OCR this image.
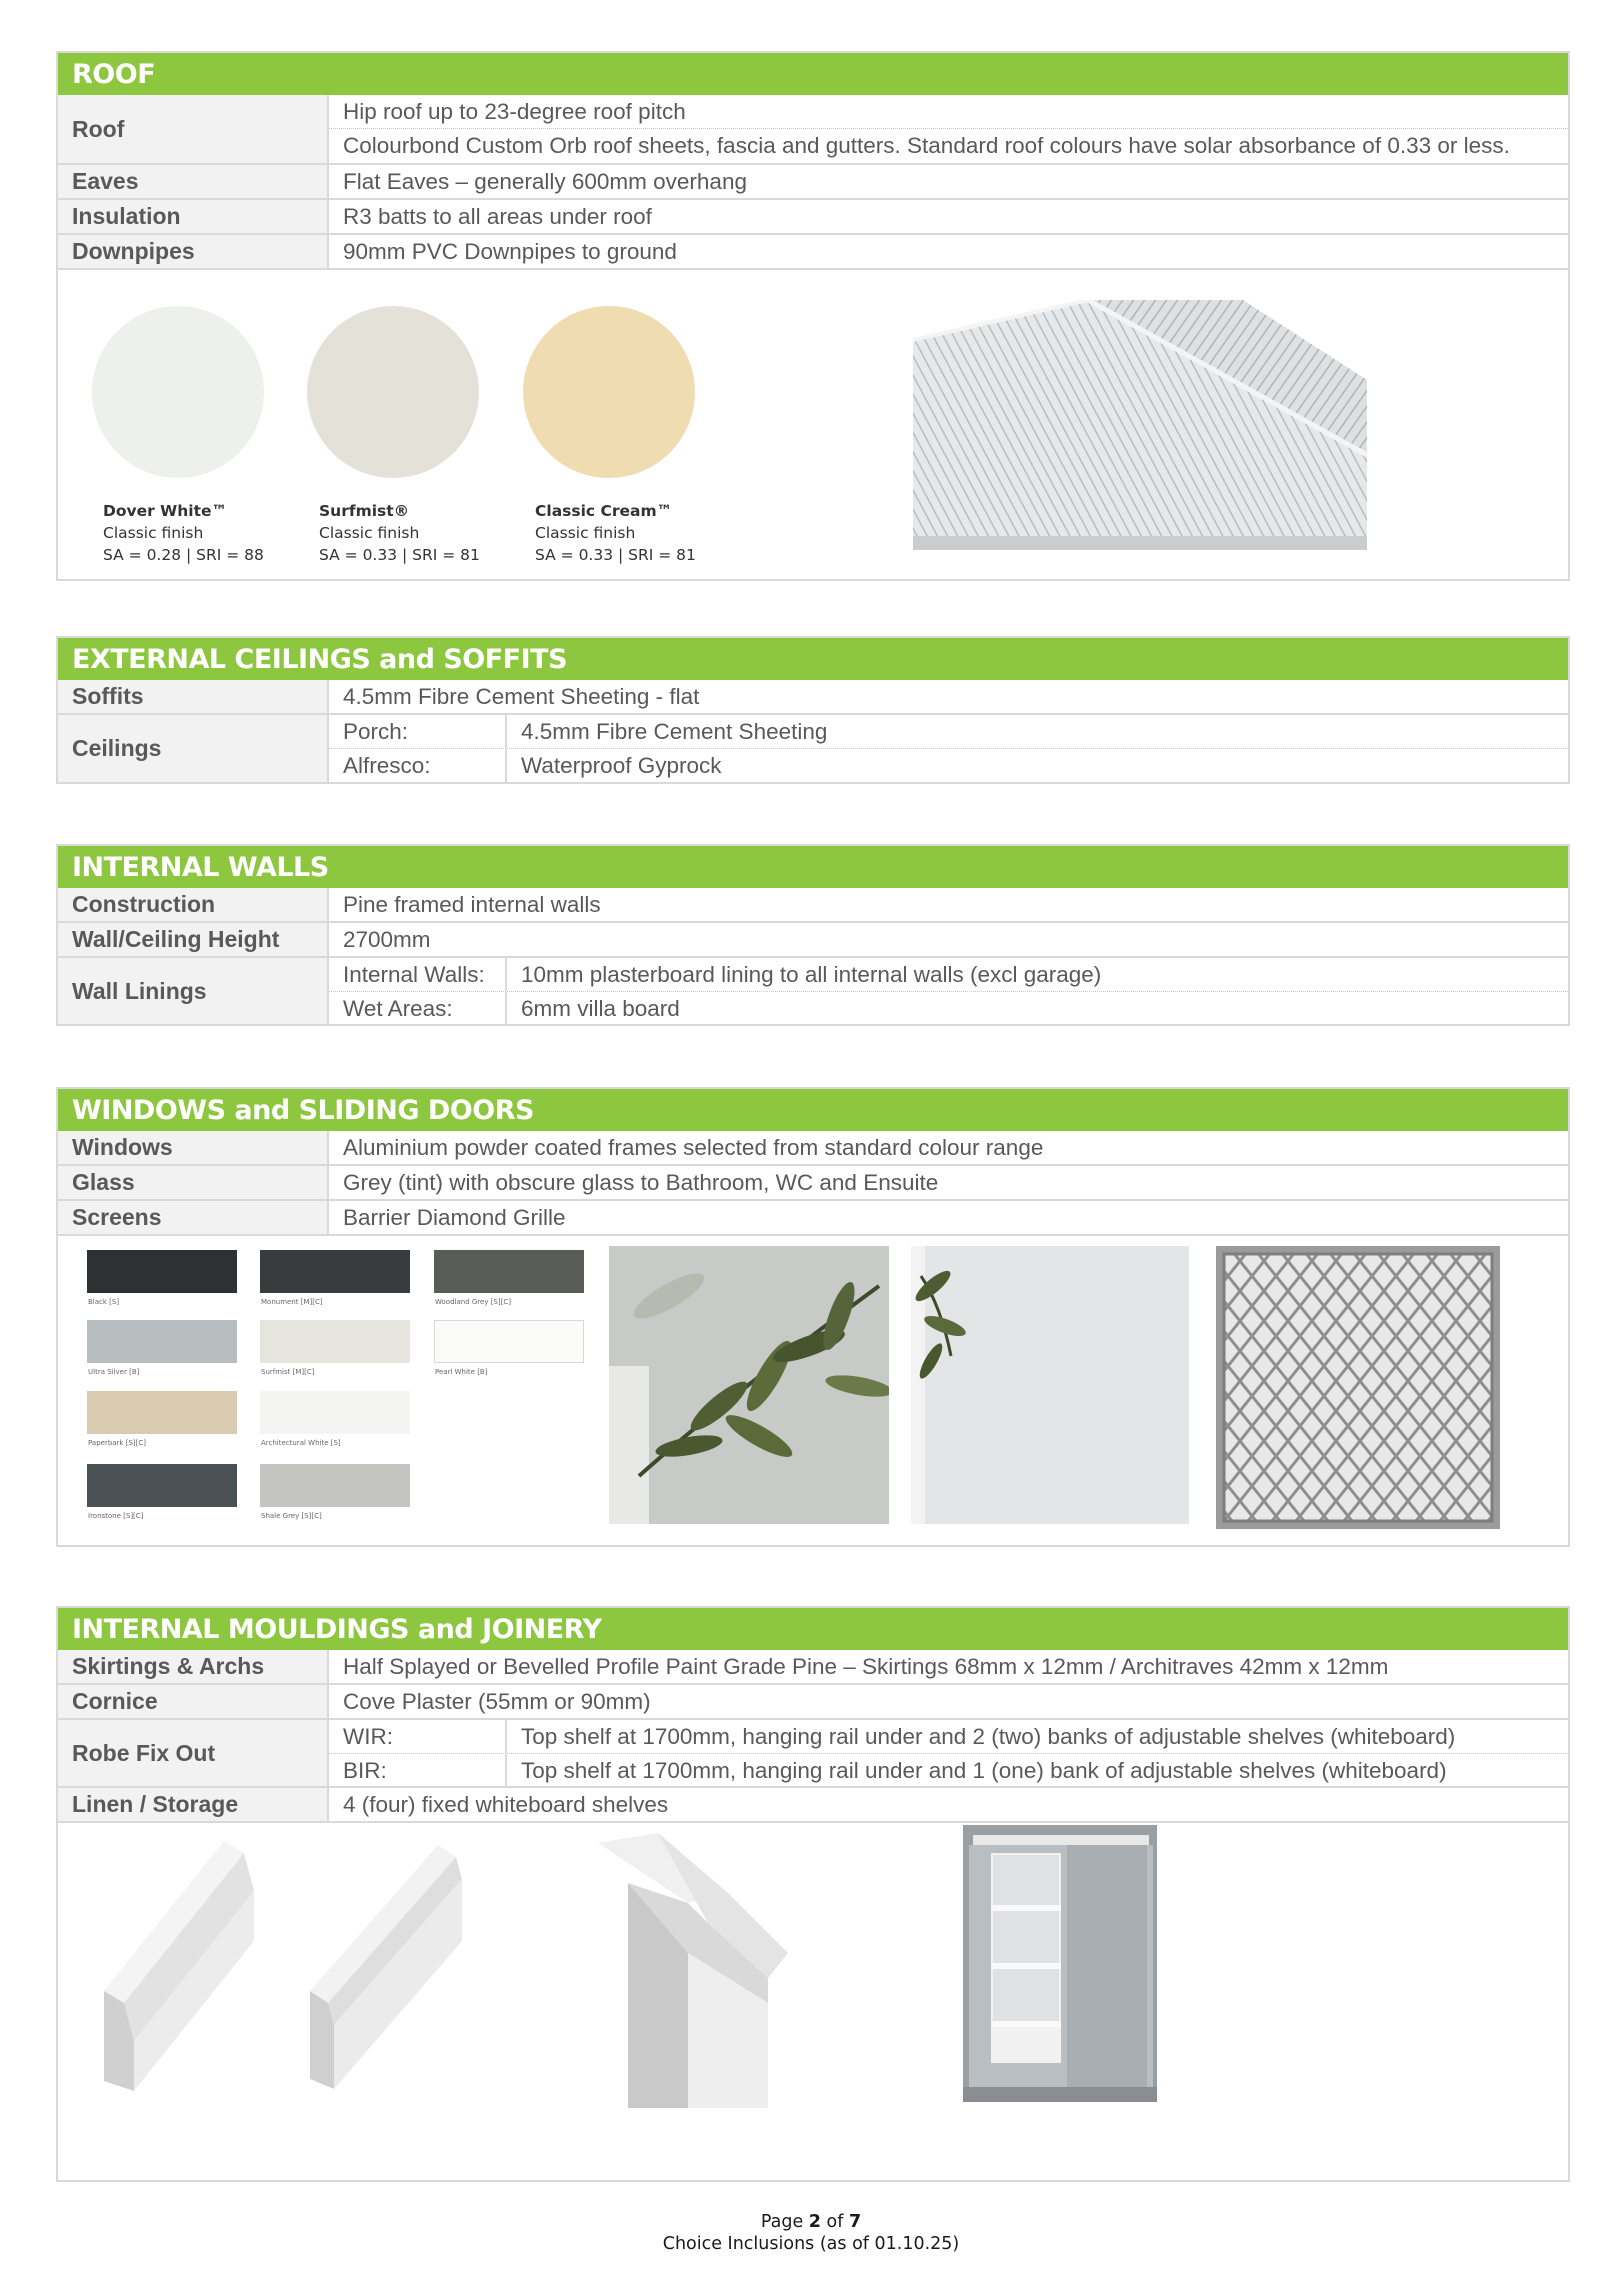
ROOF
Roof
Hip roof up to 23-degree roof pitch
Colourbond Custom Orb roof sheets, fascia and gutters. Standard roof colours have solar absorbance of 0.33 or less.
Eaves	Flat Eaves – generally 600mm overhang
Insulation	R3 batts to all areas under roof
Downpipes	90mm PVC Downpipes to ground
Dover White™
Classic finish
SA = 0.28 | SRI = 88
Surfmist®
Classic finish
SA = 0.33 | SRI = 81
Classic Cream™
Classic finish
SA = 0.33 | SRI = 81
EXTERNAL CEILINGS and SOFFITS
Soffits	4.5mm Fibre Cement Sheeting - flat
Ceilings
Porch:	4.5mm Fibre Cement Sheeting
Alfresco:	Waterproof Gyprock
INTERNAL WALLS
Construction	Pine framed internal walls
Wall/Ceiling Height	2700mm
Wall Linings
Internal Walls:	10mm plasterboard lining to all internal walls (excl garage)
Wet Areas:	6mm villa board
WINDOWS and SLIDING DOORS
Windows	Aluminium powder coated frames selected from standard colour range
Glass	Grey (tint) with obscure glass to Bathroom, WC and Ensuite
Screens	Barrier Diamond Grille
Black [S]	Monument [M][C]	Woodland Grey [S][C]
Ultra Silver [B]	Surfmist [M][C]	Pearl White [B]
Paperbark [S][C]	Architectural White [S]
Ironstone [S][C]	Shale Grey [S][C]
INTERNAL MOULDINGS and JOINERY
Skirtings & Archs	Half Splayed or Bevelled Profile Paint Grade Pine – Skirtings 68mm x 12mm / Architraves 42mm x 12mm
Cornice	Cove Plaster (55mm or 90mm)
Robe Fix Out
WIR:	Top shelf at 1700mm, hanging rail under and 2 (two) banks of adjustable shelves (whiteboard)
BIR:	Top shelf at 1700mm, hanging rail under and 1 (one) bank of adjustable shelves (whiteboard)
Linen / Storage	4 (four) fixed whiteboard shelves
Page 2 of 7
Choice Inclusions (as of 01.10.25)
